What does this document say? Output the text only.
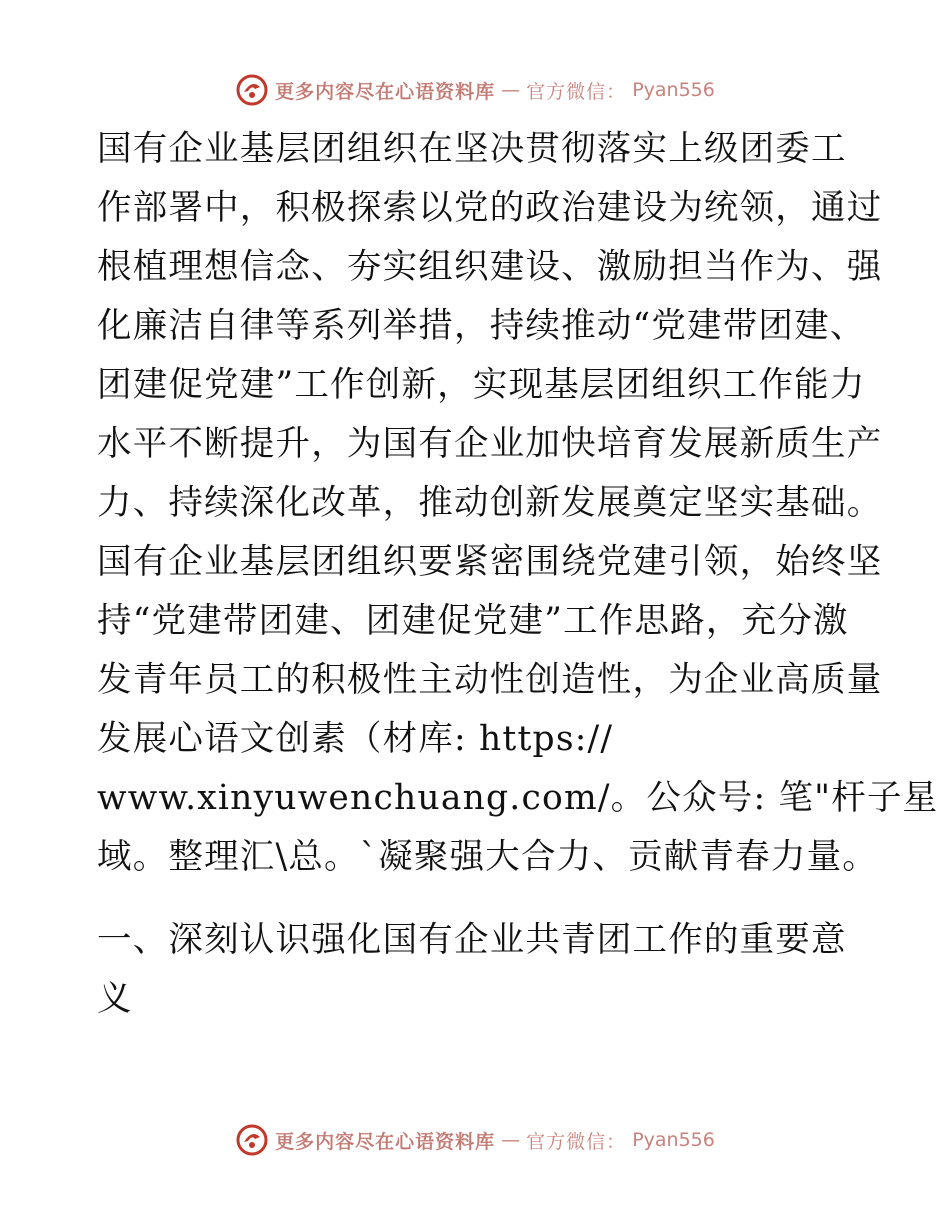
更多内容尽在心语资料库 — 官方微信： Pyan556

国有企业基层团组织在坚决贯彻落实上级团委工
作部署中，积极探索以党的政治建设为统领，通过
根植理想信念、夯实组织建设、激励担当作为、强
化廉洁自律等系列举措，持续推动“党建带团建、
团建促党建”工作创新，实现基层团组织工作能力
水平不断提升，为国有企业加快培育发展新质生产
力、持续深化改革，推动创新发展奠定坚实基础。
国有企业基层团组织要紧密围绕党建引领，始终坚
持“党建带团建、团建促党建”工作思路，充分激
发青年员工的积极性主动性创造性，为企业高质量
发展心语文创素（材库: https://
www.xinyuwenchuang.com/。公众号: 笔"杆子星
域。整理汇\总。`凝聚强大合力、贡献青春力量。

一、深刻认识强化国有企业共青团工作的重要意
义
更多内容尽在心语资料库 — 官方微信： Pyan556
